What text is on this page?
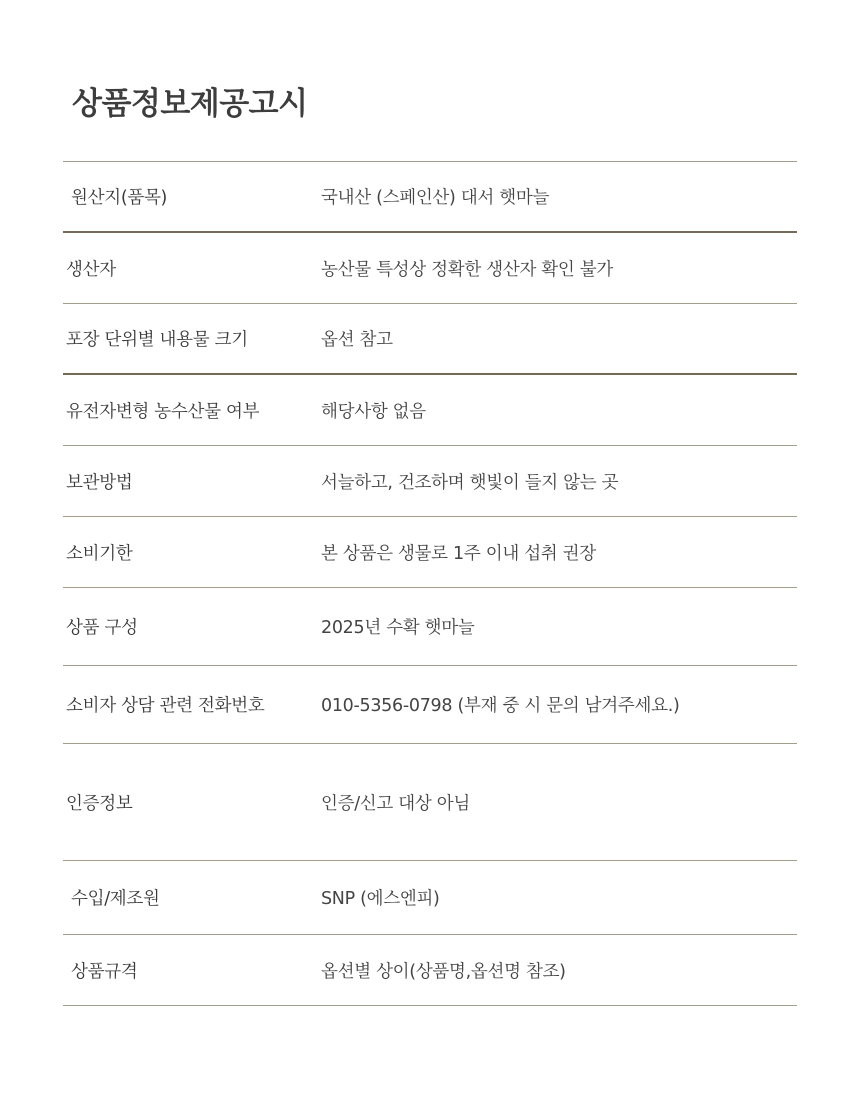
상품정보제공고시
원산지(품목)	국내산 (스페인산) 대서 햇마늘
생산자	농산물 특성상 정확한 생산자 확인 불가
포장 단위별 내용물 크기	옵션 참고
유전자변형 농수산물 여부	해당사항 없음
보관방법	서늘하고, 건조하며 햇빛이 들지 않는 곳
소비기한	본 상품은 생물로 1주 이내 섭취 권장
상품 구성	2025년 수확 햇마늘
소비자 상담 관련 전화번호	010-5356-0798 (부재 중 시 문의 남겨주세요.)
인증정보	인증/신고 대상 아님
수입/제조원	SNP (에스엔피)
상품규격	옵션별 상이(상품명,옵션명 참조)
